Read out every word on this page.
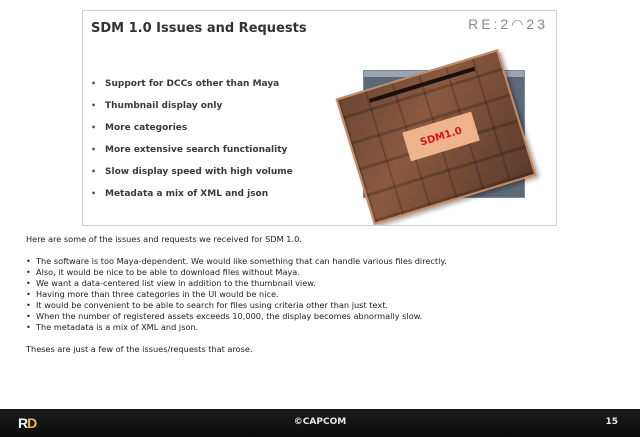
SDM 1.0 Issues and Requests	RE:2◠23
• Support for DCCs other than Maya
• Thumbnail display only
• More categories
• More extensive search functionality
• Slow display speed with high volume
• Metadata a mix of XML and json
SDM1.0

Here are some of the issues and requests we received for SDM 1.0.

• The software is too Maya-dependent. We would like something that can handle various files directly.
• Also, it would be nice to be able to download files without Maya.
• We want a data-centered list view in addition to the thumbnail view.
• Having more than three categories in the UI would be nice.
• It would be convenient to be able to search for files using criteria other than just text.
• When the number of registered assets exceeds 10,000, the display becomes abnormally slow.
• The metadata is a mix of XML and json.

Theses are just a few of the issues/requests that arose.

RD	©CAPCOM	15
